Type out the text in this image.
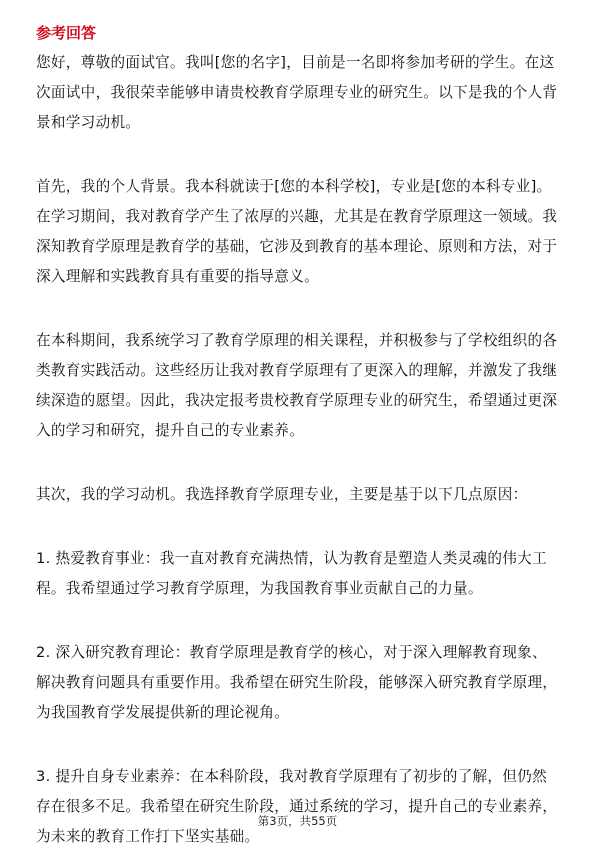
参考回答

您好，尊敬的面试官。我叫[您的名字]，目前是一名即将参加考研的学生。在这次面试中，我很荣幸能够申请贵校教育学原理专业的研究生。以下是我的个人背景和学习动机。

首先，我的个人背景。我本科就读于[您的本科学校]，专业是[您的本科专业]。在学习期间，我对教育学产生了浓厚的兴趣，尤其是在教育学原理这一领域。我深知教育学原理是教育学的基础，它涉及到教育的基本理论、原则和方法，对于深入理解和实践教育具有重要的指导意义。

在本科期间，我系统学习了教育学原理的相关课程，并积极参与了学校组织的各类教育实践活动。这些经历让我对教育学原理有了更深入的理解，并激发了我继续深造的愿望。因此，我决定报考贵校教育学原理专业的研究生，希望通过更深入的学习和研究，提升自己的专业素养。

其次，我的学习动机。我选择教育学原理专业，主要是基于以下几点原因：

1. 热爱教育事业：我一直对教育充满热情，认为教育是塑造人类灵魂的伟大工程。我希望通过学习教育学原理，为我国教育事业贡献自己的力量。

2. 深入研究教育理论：教育学原理是教育学的核心，对于深入理解教育现象、解决教育问题具有重要作用。我希望在研究生阶段，能够深入研究教育学原理，为我国教育学发展提供新的理论视角。

3. 提升自身专业素养：在本科阶段，我对教育学原理有了初步的了解，但仍然存在很多不足。我希望在研究生阶段，通过系统的学习，提升自己的专业素养，为未来的教育工作打下坚实基础。

第3页，共55页
